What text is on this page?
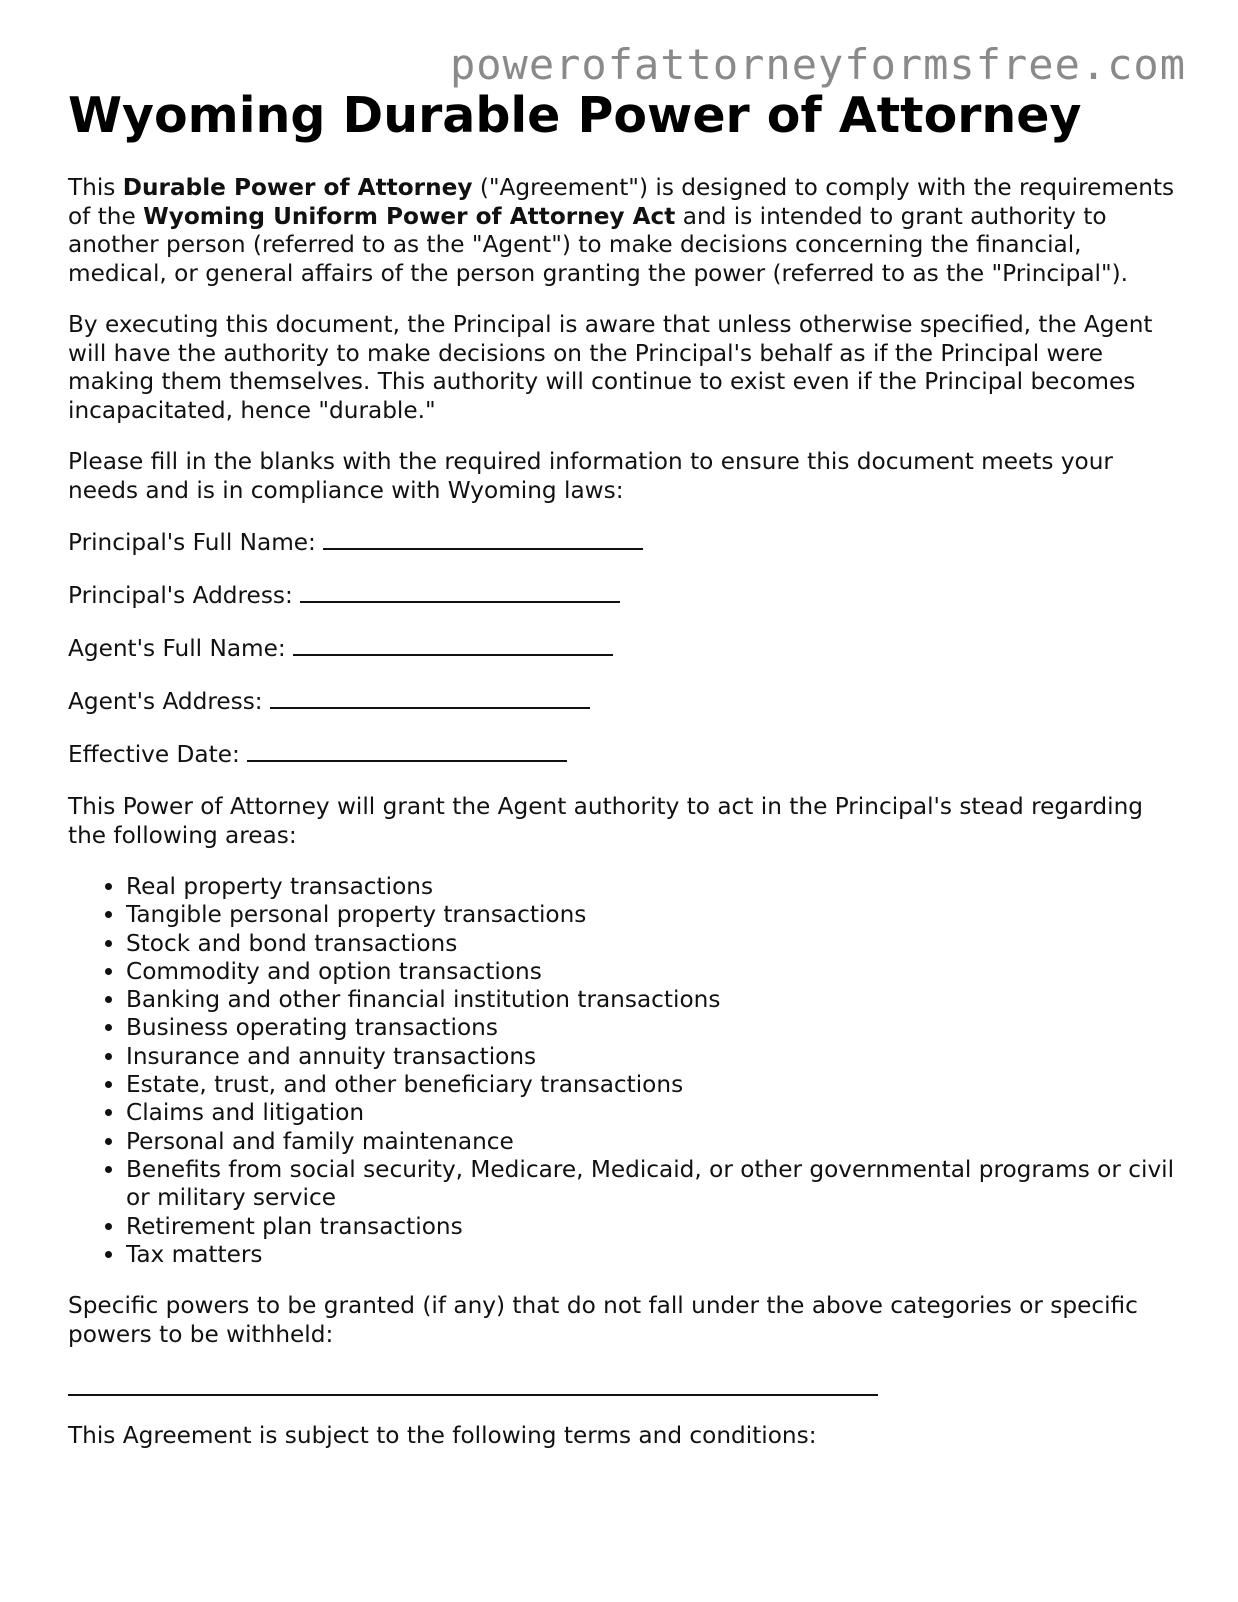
powerofattorneyformsfree.com
Wyoming Durable Power of Attorney

This Durable Power of Attorney ("Agreement") is designed to comply with the requirements of the Wyoming Uniform Power of Attorney Act and is intended to grant authority to another person (referred to as the "Agent") to make decisions concerning the financial, medical, or general affairs of the person granting the power (referred to as the "Principal").

By executing this document, the Principal is aware that unless otherwise specified, the Agent will have the authority to make decisions on the Principal's behalf as if the Principal were making them themselves. This authority will continue to exist even if the Principal becomes incapacitated, hence "durable."

Please fill in the blanks with the required information to ensure this document meets your needs and is in compliance with Wyoming laws:

Principal's Full Name:
Principal's Address:
Agent's Full Name:
Agent's Address:
Effective Date:

This Power of Attorney will grant the Agent authority to act in the Principal's stead regarding the following areas:

• Real property transactions
• Tangible personal property transactions
• Stock and bond transactions
• Commodity and option transactions
• Banking and other financial institution transactions
• Business operating transactions
• Insurance and annuity transactions
• Estate, trust, and other beneficiary transactions
• Claims and litigation
• Personal and family maintenance
• Benefits from social security, Medicare, Medicaid, or other governmental programs or civil or military service
• Retirement plan transactions
• Tax matters

Specific powers to be granted (if any) that do not fall under the above categories or specific powers to be withheld:

This Agreement is subject to the following terms and conditions:
